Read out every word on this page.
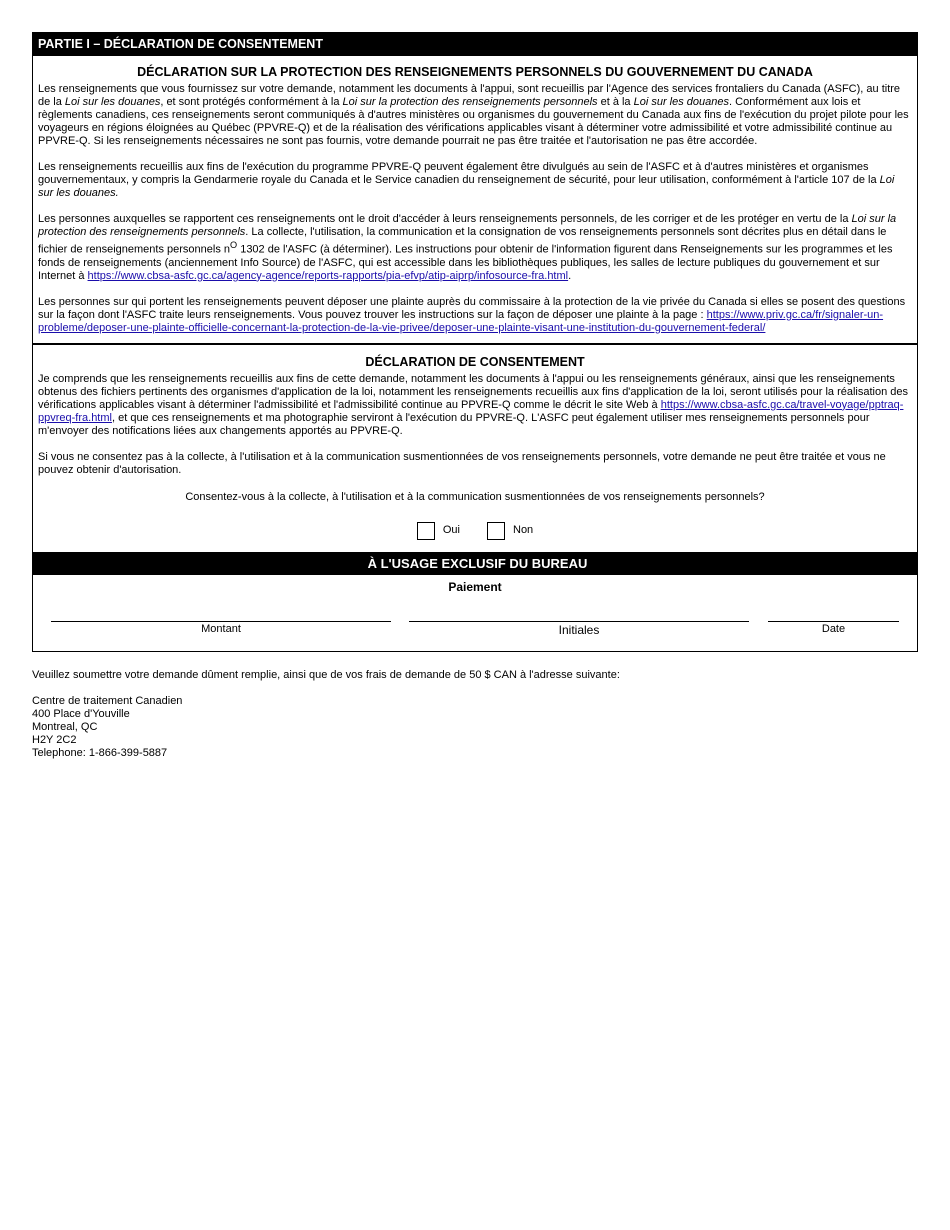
PARTIE I – DÉCLARATION DE CONSENTEMENT
DÉCLARATION SUR LA PROTECTION DES RENSEIGNEMENTS PERSONNELS DU GOUVERNEMENT DU CANADA

Les renseignements que vous fournissez sur votre demande, notamment les documents à l'appui, sont recueillis par l'Agence des services frontaliers du Canada (ASFC), au titre de la Loi sur les douanes, et sont protégés conformément à la Loi sur la protection des renseignements personnels et à la Loi sur les douanes. Conformément aux lois et règlements canadiens, ces renseignements seront communiqués à d'autres ministères ou organismes du gouvernement du Canada aux fins de l'exécution du projet pilote pour les voyageurs en régions éloignées au Québec (PPVRE-Q) et de la réalisation des vérifications applicables visant à déterminer votre admissibilité et votre admissibilité continue au PPVRE-Q. Si les renseignements nécessaires ne sont pas fournis, votre demande pourrait ne pas être traitée et l'autorisation ne pas être accordée.

Les renseignements recueillis aux fins de l'exécution du programme PPVRE-Q peuvent également être divulgués au sein de l'ASFC et à d'autres ministères et organismes gouvernementaux, y compris la Gendarmerie royale du Canada et le Service canadien du renseignement de sécurité, pour leur utilisation, conformément à l'article 107 de la Loi sur les douanes.

Les personnes auxquelles se rapportent ces renseignements ont le droit d'accéder à leurs renseignements personnels, de les corriger et de les protéger en vertu de la Loi sur la protection des renseignements personnels. La collecte, l'utilisation, la communication et la consignation de vos renseignements personnels sont décrites plus en détail dans le fichier de renseignements personnels $n^O$ 1302 de l'ASFC (à déterminer). Les instructions pour obtenir de l'information figurent dans Renseignements sur les programmes et les fonds de renseignements (anciennement Info Source) de l'ASFC, qui est accessible dans les bibliothèques publiques, les salles de lecture publiques du gouvernement et sur Internet à https://www.cbsa-asfc.gc.ca/agency-agence/reports-rapports/pia-efvp/atip-aiprp/infosource-fra.html.

Les personnes sur qui portent les renseignements peuvent déposer une plainte auprès du commissaire à la protection de la vie privée du Canada si elles se posent des questions sur la façon dont l'ASFC traite leurs renseignements. Vous pouvez trouver les instructions sur la façon de déposer une plainte à la page : https://www.priv.gc.ca/fr/signaler-un-probleme/deposer-une-plainte-officielle-concernant-la-protection-de-la-vie-privee/deposer-une-plainte-visant-une-institution-du-gouvernement-federal/

DÉCLARATION DE CONSENTEMENT

Je comprends que les renseignements recueillis aux fins de cette demande, notamment les documents à l'appui ou les renseignements généraux, ainsi que les renseignements obtenus des fichiers pertinents des organismes d'application de la loi, notamment les renseignements recueillis aux fins d'application de la loi, seront utilisés pour la réalisation des vérifications applicables visant à déterminer l'admissibilité et l'admissibilité continue au PPVRE-Q comme le décrit le site Web à https://www.cbsa-asfc.gc.ca/travel-voyage/pptraq-ppvreq-fra.html, et que ces renseignements et ma photographie serviront à l'exécution du PPVRE-Q. L'ASFC peut également utiliser mes renseignements personnels pour m'envoyer des notifications liées aux changements apportés au PPVRE-Q.

Si vous ne consentez pas à la collecte, à l'utilisation et à la communication susmentionnées de vos renseignements personnels, votre demande ne peut être traitée et vous ne pouvez obtenir d'autorisation.

Consentez-vous à la collecte, à l'utilisation et à la communication susmentionnées de vos renseignements personnels?
Oui
	Non
À L'USAGE EXCLUSIF DU BUREAU
Paiement
Montant	Initiales	Date
Veuillez soumettre votre demande dûment remplie, ainsi que de vos frais de demande de 50 $ CAN à l'adresse suivante:
Centre de traitement Canadien
400 Place d'Youville
Montreal, QC
H2Y 2C2
Telephone: 1-866-399-5887
